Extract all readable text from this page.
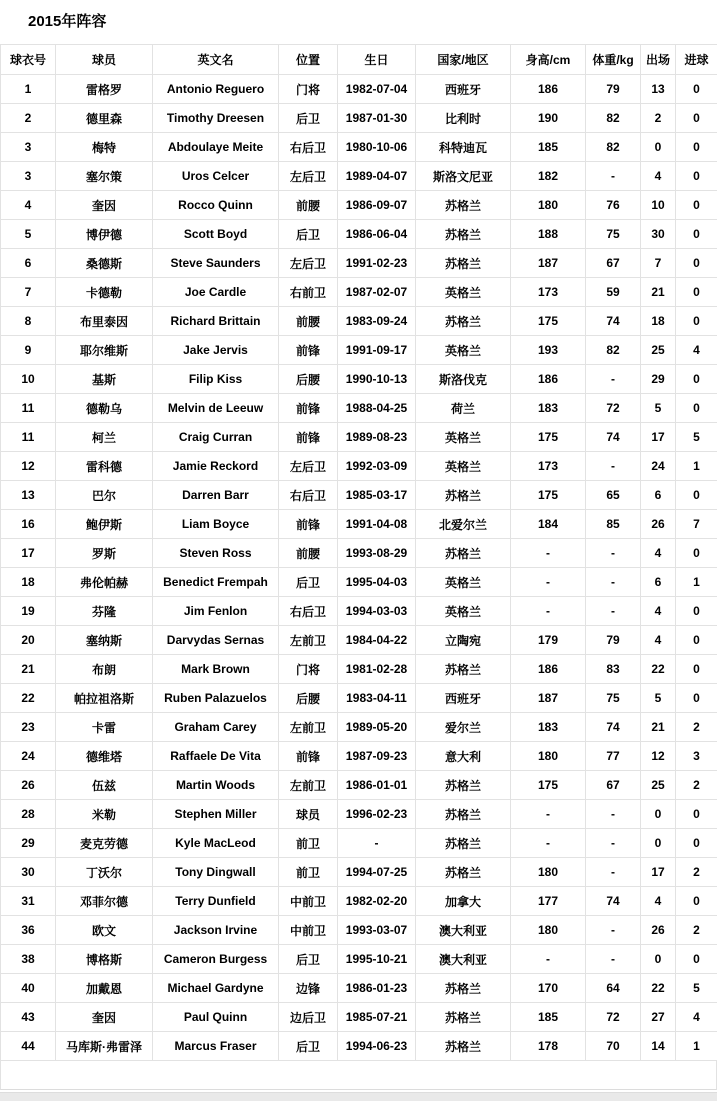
2015年阵容
球衣号	球员	英文名	位置	生日	国家/地区	身高/cm	体重/kg	出场	进球
1	雷格罗	Antonio Reguero	门将	1982-07-04	西班牙	186	79	13	0
2	德里森	Timothy Dreesen	后卫	1987-01-30	比利时	190	82	2	0
3	梅特	Abdoulaye Meite	右后卫	1980-10-06	科特迪瓦	185	82	0	0
3	塞尔策	Uros Celcer	左后卫	1989-04-07	斯洛文尼亚	182	-	4	0
4	奎因	Rocco Quinn	前腰	1986-09-07	苏格兰	180	76	10	0
5	博伊德	Scott Boyd	后卫	1986-06-04	苏格兰	188	75	30	0
6	桑德斯	Steve Saunders	左后卫	1991-02-23	苏格兰	187	67	7	0
7	卡德勒	Joe Cardle	右前卫	1987-02-07	英格兰	173	59	21	0
8	布里泰因	Richard Brittain	前腰	1983-09-24	苏格兰	175	74	18	0
9	耶尔维斯	Jake Jervis	前锋	1991-09-17	英格兰	193	82	25	4
10	基斯	Filip Kiss	后腰	1990-10-13	斯洛伐克	186	-	29	0
11	德勒乌	Melvin de Leeuw	前锋	1988-04-25	荷兰	183	72	5	0
11	柯兰	Craig Curran	前锋	1989-08-23	英格兰	175	74	17	5
12	雷科德	Jamie Reckord	左后卫	1992-03-09	英格兰	173	-	24	1
13	巴尔	Darren Barr	右后卫	1985-03-17	苏格兰	175	65	6	0
16	鲍伊斯	Liam Boyce	前锋	1991-04-08	北爱尔兰	184	85	26	7
17	罗斯	Steven Ross	前腰	1993-08-29	苏格兰	-	-	4	0
18	弗伦帕赫	Benedict Frempah	后卫	1995-04-03	英格兰	-	-	6	1
19	芬隆	Jim Fenlon	右后卫	1994-03-03	英格兰	-	-	4	0
20	塞纳斯	Darvydas Sernas	左前卫	1984-04-22	立陶宛	179	79	4	0
21	布朗	Mark Brown	门将	1981-02-28	苏格兰	186	83	22	0
22	帕拉祖洛斯	Ruben Palazuelos	后腰	1983-04-11	西班牙	187	75	5	0
23	卡雷	Graham Carey	左前卫	1989-05-20	爱尔兰	183	74	21	2
24	德维塔	Raffaele De Vita	前锋	1987-09-23	意大利	180	77	12	3
26	伍兹	Martin Woods	左前卫	1986-01-01	苏格兰	175	67	25	2
28	米勒	Stephen Miller	球员	1996-02-23	苏格兰	-	-	0	0
29	麦克劳德	Kyle MacLeod	前卫	-	苏格兰	-	-	0	0
30	丁沃尔	Tony Dingwall	前卫	1994-07-25	苏格兰	180	-	17	2
31	邓菲尔德	Terry Dunfield	中前卫	1982-02-20	加拿大	177	74	4	0
36	欧文	Jackson Irvine	中前卫	1993-03-07	澳大利亚	180	-	26	2
38	博格斯	Cameron Burgess	后卫	1995-10-21	澳大利亚	-	-	0	0
40	加戴恩	Michael Gardyne	边锋	1986-01-23	苏格兰	170	64	22	5
43	奎因	Paul Quinn	边后卫	1985-07-21	苏格兰	185	72	27	4
44	马库斯·弗雷泽	Marcus Fraser	后卫	1994-06-23	苏格兰	178	70	14	1
